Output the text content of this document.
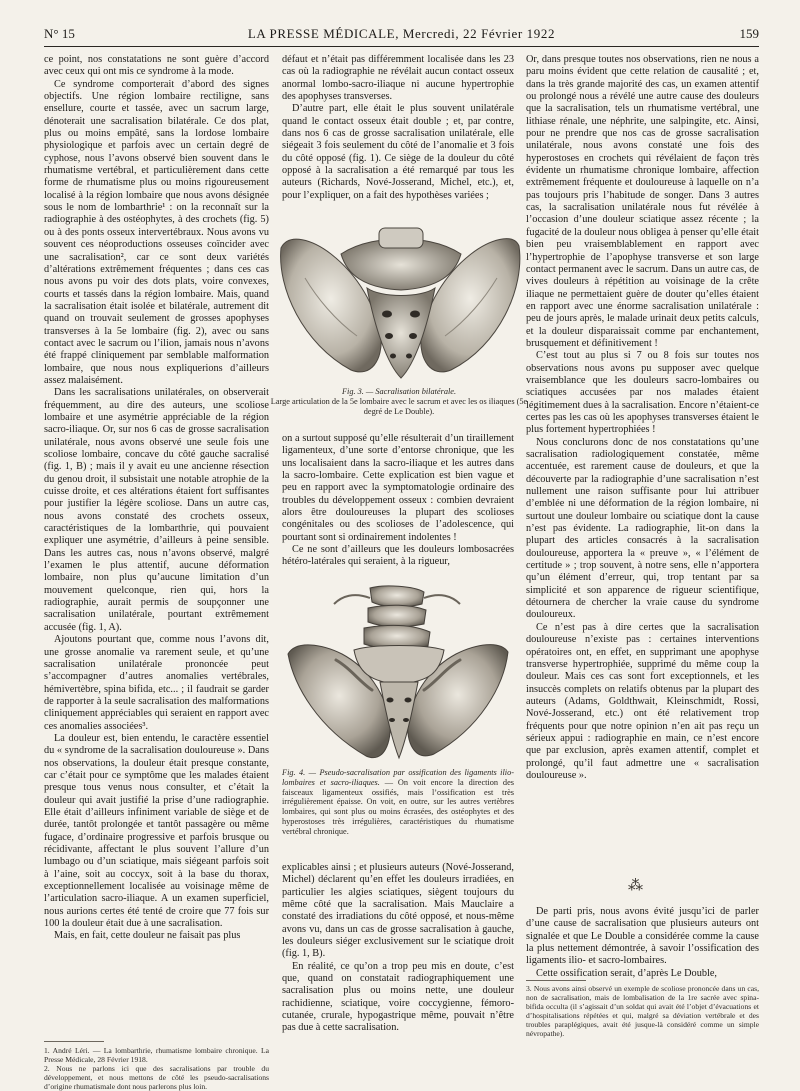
N° 15	LA PRESSE MÉDICALE, Mercredi, 22 Février 1922	159

ce point, nos constatations ne sont guère d’accord avec ceux qui ont mis ce syndrome à la mode.

Ce syndrome comporterait d’abord des signes objectifs. Une région lombaire rectiligne, sans ensellure, courte et tassée, avec un sacrum large, dénoterait une sacralisation bilatérale. Ce dos plat, plus ou moins empâté, sans la lordose lombaire physiologique et parfois avec un certain degré de cyphose, nous l’avons observé bien souvent dans le rhumatisme vertébral, et particulièrement dans cette forme de rhumatisme plus ou moins rigoureusement localisé à la région lombaire que nous avons désignée sous le nom de lombarthrie¹ : on la reconnaît sur la radiographie à des ostéophytes, à des crochets (fig. 5) ou à des ponts osseux intervertébraux. Nous avons vu souvent ces néoproductions osseuses coïncider avec une sacralisation², car ce sont deux variétés d’altérations extrêmement fréquentes ; dans ces cas nous avons pu voir des dots plats, voire convexes, courts et tassés dans la région lombaire. Mais, quand la sacralisation était isolée et bilatérale, autrement dit quand on trouvait seulement de grosses apophyses transverses à la 5e lombaire (fig. 2), avec ou sans contact avec le sacrum ou l’ilion, jamais nous n’avons été frappé cliniquement par semblable malformation lombaire, que nous nous expliquerions d’ailleurs assez malaisément.

Dans les sacralisations unilatérales, on observerait fréquemment, au dire des auteurs, une scoliose lombaire et une asymétrie appréciable de la région sacro-iliaque. Or, sur nos 6 cas de grosse sacralisation unilatérale, nous avons observé une seule fois une scoliose lombaire, concave du côté gauche sacralisé (fig. 1, B) ; mais il y avait eu une ancienne résection du genou droit, il subsistait une notable atrophie de la cuisse droite, et ces altérations étaient fort suffisantes pour justifier la légère scoliose. Dans un autre cas, nous avons constaté des crochets osseux, caractéristiques de la lombarthrie, qui pouvaient expliquer une asymétrie, d’ailleurs à peine sensible. Dans les autres cas, nous n’avons observé, malgré l’examen le plus attentif, aucune déformation lombaire, non plus qu’aucune limitation d’un mouvement quelconque, rien qui, hors la radiographie, aurait permis de soupçonner une sacralisation unilatérale, pourtant extrêmement accusée (fig. 1, A).

Ajoutons pourtant que, comme nous l’avons dit, une grosse anomalie va rarement seule, et qu’une sacralisation unilatérale prononcée peut s’accompagner d’autres anomalies vertébrales, hémivertèbre, spina bifida, etc... ; il faudrait se garder de rapporter à la seule sacralisation des malformations cliniquement appréciables qui seraient en rapport avec ces anomalies associées³.

La douleur est, bien entendu, le caractère essentiel du « syndrome de la sacralisation douloureuse ». Dans nos observations, la douleur était presque constante, car c’était pour ce symptôme que les malades étaient presque tous venus nous consulter, et c’était la douleur qui avait justifié la prise d’une radiographie. Elle était d’ailleurs infiniment variable de siège et de durée, tantôt prolongée et tantôt passagère ou même fugace, d’ordinaire progressive et parfois brusque ou récidivante, affectant le plus souvent l’allure d’un lumbago ou d’un sciatique, mais siégeant parfois soit à l’aine, soit au coccyx, soit à la base du thorax, exceptionnellement localisée au voisinage même de l’articulation sacro-iliaque. A un examen superficiel, nous aurions certes été tenté de croire que 77 fois sur 100 la douleur était due à une sacralisation.

Mais, en fait, cette douleur ne faisait pas plus

1. André Léri. — La lombarthrie, rhumatisme lombaire chronique. La Presse Médicale, 28 Février 1918.
2. Nous ne parlons ici que des sacralisations par trouble du développement, et nous mettons de côté les pseudo-sacralisations d’origine rhumatismale dont nous parlerons plus loin.

défaut et n’était pas différemment localisée dans les 23 cas où la radiographie ne révélait aucun contact osseux anormal lombo-sacro-iliaque ni aucune hypertrophie des apophyses transverses.

D’autre part, elle était le plus souvent unilatérale quand le contact osseux était double ; et, par contre, dans nos 6 cas de grosse sacralisation unilatérale, elle siégeait 3 fois seulement du côté de l’anomalie et 3 fois du côté opposé (fig. 1). Ce siège de la douleur du côté opposé à la sacralisation a été remarqué par tous les auteurs (Richards, Nové-Josserand, Michel, etc.), et, pour l’expliquer, on a fait des hypothèses variées ;

Fig. 3. — Sacralisation bilatérale.
Large articulation de la 5e lombaire avec le sacrum et avec les os iliaques (5e degré de Le Double).

on a surtout supposé qu’elle résulterait d’un tiraillement ligamenteux, d’une sorte d’entorse chronique, que les uns localisaient dans la sacro-iliaque et les autres dans la sacro-lombaire. Cette explication est bien vague et peu en rapport avec la symptomatologie ordinaire des troubles du développement osseux : combien devraient alors être douloureuses la plupart des scolioses congénitales ou des scolioses de l’adolescence, qui pourtant sont si ordinairement indolentes !

Ce ne sont d’ailleurs que les douleurs lombosacrées hétéro-latérales qui seraient, à la rigueur,

Fig. 4. — Pseudo-sacralisation par ossification des ligaments ilio-lombaires et sacro-iliaques. — On voit encore la direction des faisceaux ligamenteux ossifiés, mais l’ossification est très irrégulièrement épaisse. On voit, en outre, sur les autres vertèbres lombaires, qui sont plus ou moins écrasées, des ostéophytes et des hyperostoses très irrégulières, caractéristiques du rhumatisme vertébral chronique.

explicables ainsi ; et plusieurs auteurs (Nové-Josserand, Michel) déclarent qu’en effet les douleurs irradiées, en particulier les algies sciatiques, siègent toujours du même côté que la sacralisation. Mais Mauclaire a constaté des irradiations du côté opposé, et nous-même avons vu, dans un cas de grosse sacralisation à gauche, les douleurs siéger exclusivement sur le sciatique droit (fig. 1, B).

En réalité, ce qu’on a trop peu mis en doute, c’est que, quand on constatait radiographiquement une sacralisation plus ou moins nette, une douleur rachidienne, sciatique, voire coccygienne, fémoro-cutanée, crurale, hypogastrique même, pouvait n’être pas due à cette sacralisation.

Or, dans presque toutes nos observations, rien ne nous a paru moins évident que cette relation de causalité ; et, dans la très grande majorité des cas, un examen attentif ou prolongé nous a révélé une autre cause des douleurs que la sacralisation, tels un rhumatisme vertébral, une lithiase rénale, une néphrite, une salpingite, etc. Ainsi, pour ne prendre que nos cas de grosse sacralisation unilatérale, nous avons constaté une fois des hyperostoses en crochets qui révélaient de façon très évidente un rhumatisme chronique lombaire, affection extrêmement fréquente et douloureuse à laquelle on n’a pas toujours pris l’habitude de songer. Dans 3 autres cas, la sacralisation unilatérale nous fut révélée à l’occasion d’une douleur sciatique assez récente ; la fugacité de la douleur nous obligea à penser qu’elle était bien peu vraisemblablement en rapport avec l’hypertrophie de l’apophyse transverse et son large contact permanent avec le sacrum. Dans un autre cas, de vives douleurs à répétition au voisinage de la crête iliaque ne permettaient guère de douter qu’elles étaient en rapport avec une énorme sacralisation unilatérale : peu de jours après, le malade urinait deux petits calculs, et la douleur disparaissait comme par enchantement, brusquement et définitivement !

C’est tout au plus si 7 ou 8 fois sur toutes nos observations nous avons pu supposer avec quelque vraisemblance que les douleurs sacro-lombaires ou sciatiques accusées par nos malades étaient légitimement dues à la sacralisation. Encore n’étaient-ce certes pas les cas où les apophyses transverses étaient le plus fortement hypertrophiées !

Nous conclurons donc de nos constatations qu’une sacralisation radiologiquement constatée, même accentuée, est rarement cause de douleurs, et que la découverte par la radiographie d’une sacralisation n’est nullement une raison suffisante pour lui attribuer d’emblée ni une déformation de la région lombaire, ni surtout une douleur lombaire ou sciatique dont la cause n’est pas évidente. La radiographie, lit-on dans la plupart des articles consacrés à la sacralisation douloureuse, apportera la « preuve », « l’élément de certitude » ; trop souvent, à notre sens, elle n’apportera qu’un élément d’erreur, qui, trop tentant par sa simplicité et son apparence de rigueur scientifique, détournera de chercher la vraie cause du syndrome douloureux.

Ce n’est pas à dire certes que la sacralisation douloureuse n’existe pas : certaines interventions opératoires ont, en effet, en supprimant une apophyse transverse hypertrophiée, supprimé du même coup la douleur. Mais ces cas sont fort exceptionnels, et les insuccès complets on relatifs obtenus par la plupart des auteurs (Adams, Goldthwait, Kleinschmidt, Rossi, Nové-Josserand, etc.) ont été relativement trop fréquents pour que notre opinion n’en ait pas reçu un sérieux appui : radiographie en main, ce n’est encore que par exclusion, après examen attentif, complet et prolongé, qu’il faut admettre une « sacralisation douloureuse ».

⁂

De parti pris, nous avons évité jusqu’ici de parler d’une cause de sacralisation que plusieurs auteurs ont signalée et que Le Double a considérée comme la cause la plus nettement démontrée, à savoir l’ossification des ligaments ilio- et sacro-lombaires.

Cette ossification serait, d’après Le Double,

3. Nous avons ainsi observé un exemple de scoliose prononcée dans un cas, non de sacralisation, mais de lombalisation de la 1re sacrée avec spina-bifida occulta (il s’agissait d’un soldat qui avait été l’objet d’évacuations et d’hospitalisations répétées et qui, malgré sa déviation vertébrale et des troubles paraplégiques, avait été jusque-là considéré comme un simple névropathe).
